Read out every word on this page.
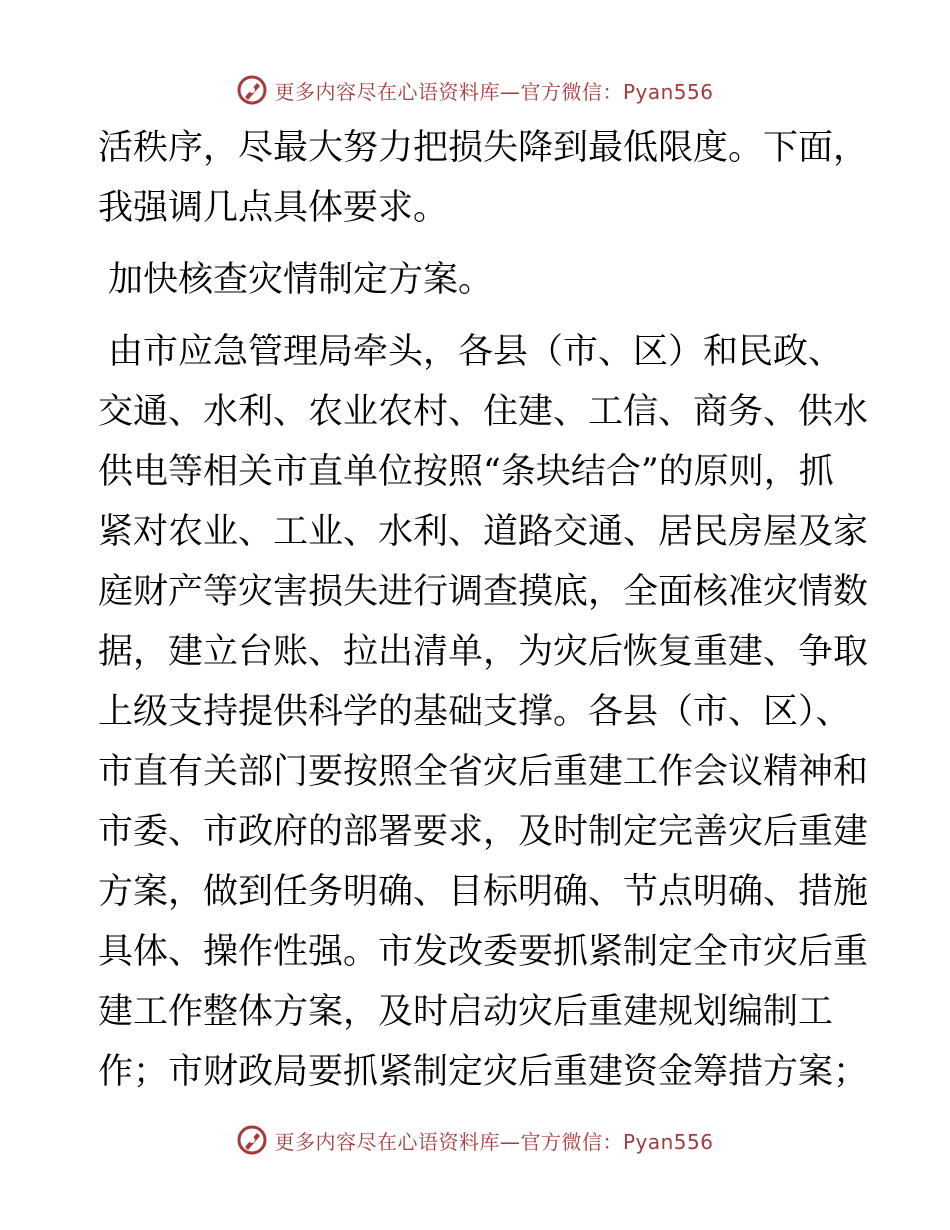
更多内容尽在心语资料库—官方微信：Pyan556
活秩序，尽最大努力把损失降到最低限度。下面，
我强调几点具体要求。
加快核查灾情制定方案。
由市应急管理局牵头，各县（市、区）和民政、
交通、水利、农业农村、住建、工信、商务、供水
供电等相关市直单位按照“条块结合”的原则，抓
紧对农业、工业、水利、道路交通、居民房屋及家
庭财产等灾害损失进行调查摸底，全面核准灾情数
据，建立台账、拉出清单，为灾后恢复重建、争取
上级支持提供科学的基础支撑。各县（市、区）、
市直有关部门要按照全省灾后重建工作会议精神和
市委、市政府的部署要求，及时制定完善灾后重建
方案，做到任务明确、目标明确、节点明确、措施
具体、操作性强。市发改委要抓紧制定全市灾后重
建工作整体方案，及时启动灾后重建规划编制工
作；市财政局要抓紧制定灾后重建资金筹措方案；
更多内容尽在心语资料库—官方微信：Pyan556
